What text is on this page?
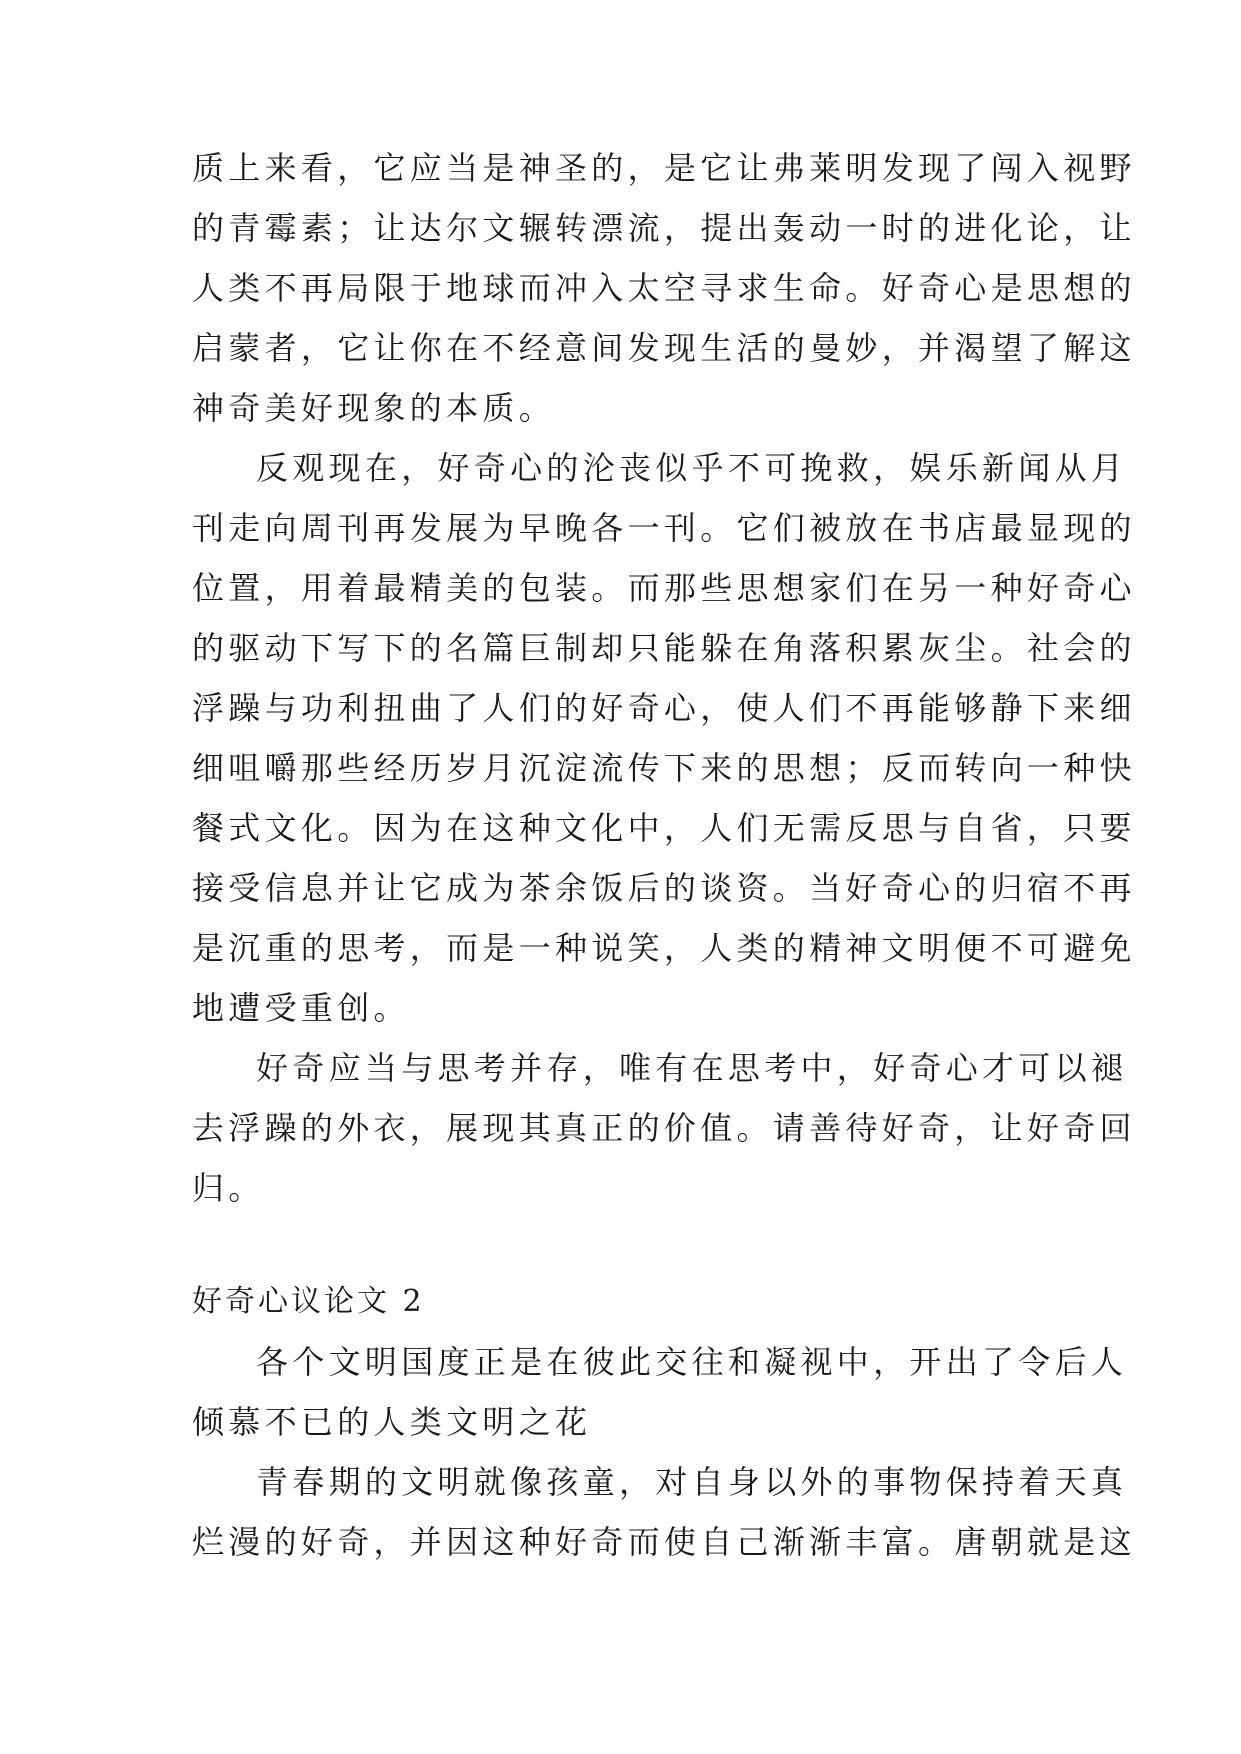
质上来看，它应当是神圣的，是它让弗莱明发现了闯入视野
的青霉素；让达尔文辗转漂流，提出轰动一时的进化论，让
人类不再局限于地球而冲入太空寻求生命。好奇心是思想的
启蒙者，它让你在不经意间发现生活的曼妙，并渴望了解这
神奇美好现象的本质。
反观现在，好奇心的沦丧似乎不可挽救，娱乐新闻从月
刊走向周刊再发展为早晚各一刊。它们被放在书店最显现的
位置，用着最精美的包装。而那些思想家们在另一种好奇心
的驱动下写下的名篇巨制却只能躲在角落积累灰尘。社会的
浮躁与功利扭曲了人们的好奇心，使人们不再能够静下来细
细咀嚼那些经历岁月沉淀流传下来的思想；反而转向一种快
餐式文化。因为在这种文化中，人们无需反思与自省，只要
接受信息并让它成为茶余饭后的谈资。当好奇心的归宿不再
是沉重的思考，而是一种说笑，人类的精神文明便不可避免
地遭受重创。
好奇应当与思考并存，唯有在思考中，好奇心才可以褪
去浮躁的外衣，展现其真正的价值。请善待好奇，让好奇回
归。
好奇心议论文 2
各个文明国度正是在彼此交往和凝视中，开出了令后人
倾慕不已的人类文明之花
青春期的文明就像孩童，对自身以外的事物保持着天真
烂漫的好奇，并因这种好奇而使自己渐渐丰富。唐朝就是这
